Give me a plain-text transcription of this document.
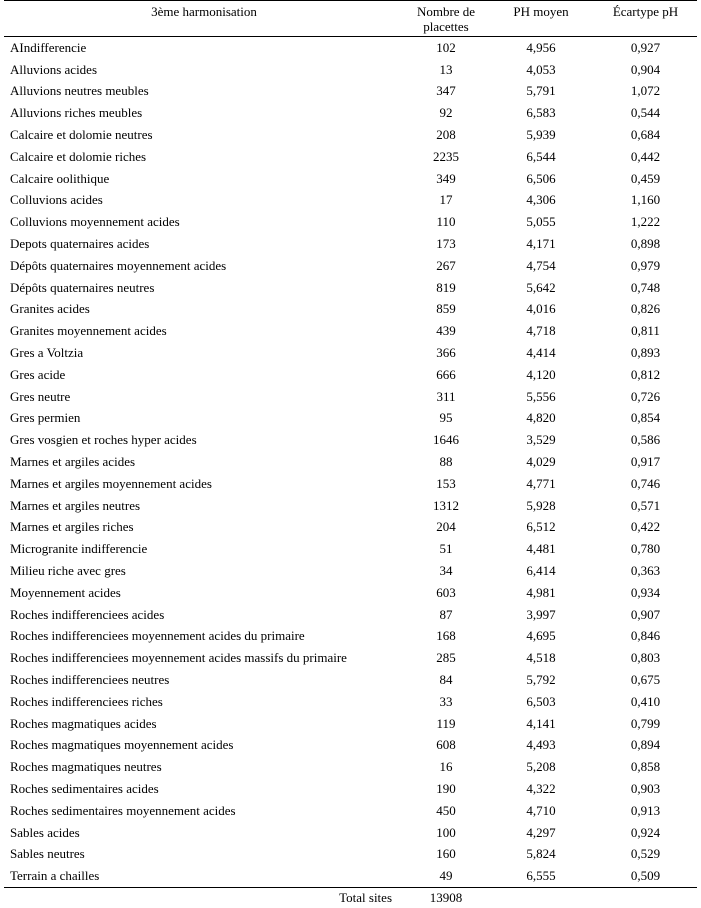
3ème harmonisation	Nombre de placettes	PH moyen	Écartype pH
AIndifferencie	102	4,956	0,927
Alluvions acides	13	4,053	0,904
Alluvions neutres meubles	347	5,791	1,072
Alluvions riches meubles	92	6,583	0,544
Calcaire et dolomie neutres	208	5,939	0,684
Calcaire et dolomie riches	2235	6,544	0,442
Calcaire oolithique	349	6,506	0,459
Colluvions acides	17	4,306	1,160
Colluvions moyennement acides	110	5,055	1,222
Depots quaternaires acides	173	4,171	0,898
Dépôts quaternaires moyennement acides	267	4,754	0,979
Dépôts quaternaires neutres	819	5,642	0,748
Granites acides	859	4,016	0,826
Granites moyennement acides	439	4,718	0,811
Gres a Voltzia	366	4,414	0,893
Gres acide	666	4,120	0,812
Gres neutre	311	5,556	0,726
Gres permien	95	4,820	0,854
Gres vosgien et roches hyper acides	1646	3,529	0,586
Marnes et argiles acides	88	4,029	0,917
Marnes et argiles moyennement acides	153	4,771	0,746
Marnes et argiles neutres	1312	5,928	0,571
Marnes et argiles riches	204	6,512	0,422
Microgranite indifferencie	51	4,481	0,780
Milieu riche avec gres	34	6,414	0,363
Moyennement acides	603	4,981	0,934
Roches indifferenciees acides	87	3,997	0,907
Roches indifferenciees moyennement acides du primaire	168	4,695	0,846
Roches indifferenciees moyennement acides massifs du primaire	285	4,518	0,803
Roches indifferenciees neutres	84	5,792	0,675
Roches indifferenciees riches	33	6,503	0,410
Roches magmatiques acides	119	4,141	0,799
Roches magmatiques moyennement acides	608	4,493	0,894
Roches magmatiques neutres	16	5,208	0,858
Roches sedimentaires acides	190	4,322	0,903
Roches sedimentaires moyennement acides	450	4,710	0,913
Sables acides	100	4,297	0,924
Sables neutres	160	5,824	0,529
Terrain a chailles	49	6,555	0,509
Total sites	13908		
